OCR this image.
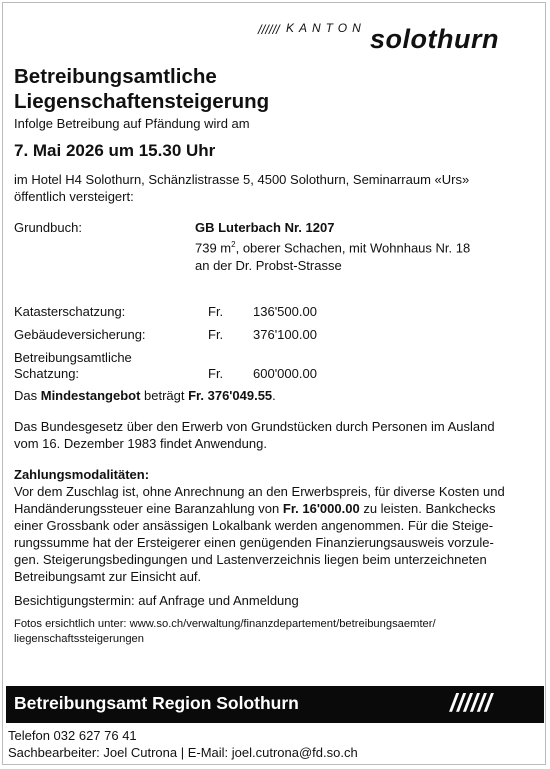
////// KANTON solothurn
Betreibungsamtliche
Liegenschaftensteigerung
Infolge Betreibung auf Pfändung wird am
7. Mai 2026 um 15.30 Uhr
im Hotel H4 Solothurn, Schänzlistrasse 5, 4500 Solothurn, Seminarraum «Urs»
öffentlich versteigert:
Grundbuch:	GB Luterbach Nr. 1207
739 $m^2$, oberer Schachen, mit Wohnhaus Nr. 18
an der Dr. Probst-Strasse
Katasterschatzung:	Fr. 136'500.00
Gebäudeversicherung:	Fr. 376'100.00
Betreibungsamtliche
Schatzung:	Fr. 600'000.00
Das Mindestangebot beträgt Fr. 376'049.55.
Das Bundesgesetz über den Erwerb von Grundstücken durch Personen im Ausland
vom 16. Dezember 1983 findet Anwendung.
Zahlungsmodalitäten:
Vor dem Zuschlag ist, ohne Anrechnung an den Erwerbspreis, für diverse Kosten und
Handänderungssteuer eine Baranzahlung von Fr. 16'000.00 zu leisten. Bankchecks
einer Grossbank oder ansässigen Lokalbank werden angenommen. Für die Steige-
rungssumme hat der Ersteigerer einen genügenden Finanzierungsausweis vorzule-
gen. Steigerungsbedingungen und Lastenverzeichnis liegen beim unterzeichneten
Betreibungsamt zur Einsicht auf.
Besichtigungstermin: auf Anfrage und Anmeldung
Fotos ersichtlich unter: www.so.ch/verwaltung/finanzdepartement/betreibungsaemter/
liegenschaftssteigerungen
Betreibungsamt Region Solothurn	//////
Telefon 032 627 76 41
Sachbearbeiter: Joel Cutrona | E-Mail: joel.cutrona@fd.so.ch
